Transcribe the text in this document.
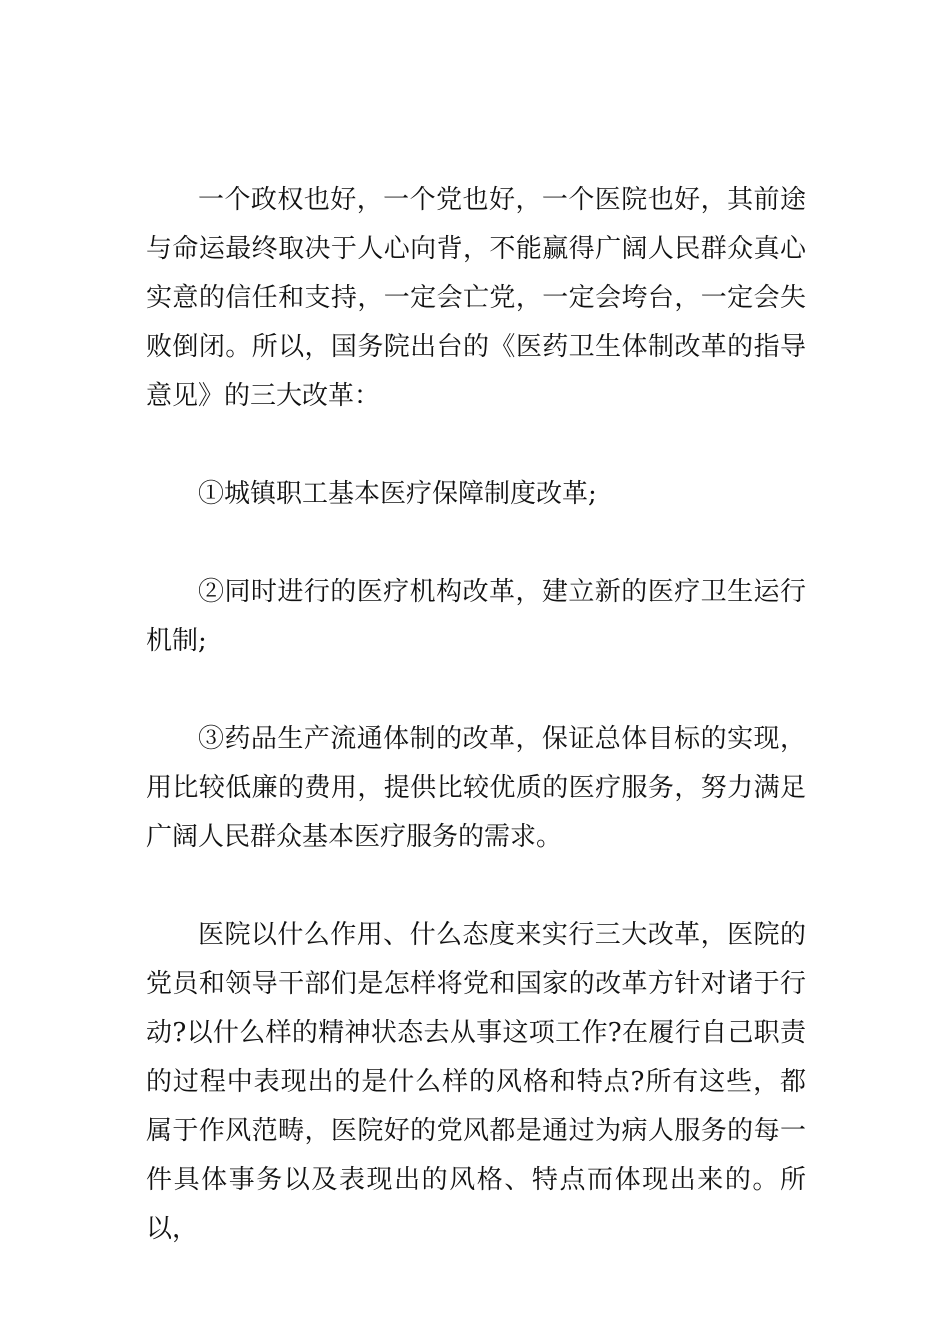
一个政权也好，一个党也好，一个医院也好，其前途与命运最终取决于人心向背，不能赢得广阔人民群众真心实意的信任和支持，一定会亡党，一定会垮台，一定会失败倒闭。所以，国务院出台的《医药卫生体制改革的指导意见》的三大改革：

①城镇职工基本医疗保障制度改革;

②同时进行的医疗机构改革，建立新的医疗卫生运行机制;

③药品生产流通体制的改革，保证总体目标的实现，用比较低廉的费用，提供比较优质的医疗服务，努力满足广阔人民群众基本医疗服务的需求。

医院以什么作用、什么态度来实行三大改革，医院的党员和领导干部们是怎样将党和国家的改革方针对诸于行动?以什么样的精神状态去从事这项工作?在履行自己职责的过程中表现出的是什么样的风格和特点?所有这些，都属于作风范畴，医院好的党风都是通过为病人服务的每一件具体事务以及表现出的风格、特点而体现出来的。所以，
